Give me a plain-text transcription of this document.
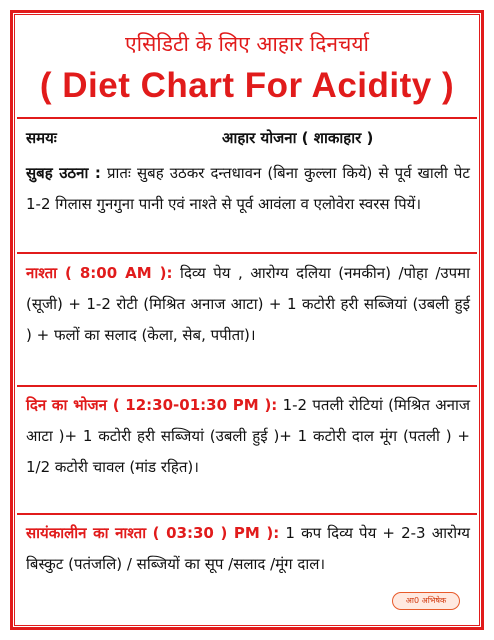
एसिडिटी के लिए आहार दिनचर्या
( Diet Chart For Acidity )
समयः	आहार योजना ( शाकाहार )
सुबह उठना : प्रातः सुबह उठकर दन्तधावन (बिना कुल्ला किये) से पूर्व खाली पेट 1-2 गिलास गुनगुना पानी एवं नाश्ते से पूर्व आवंला व एलोवेरा स्वरस पियें।
नाश्ता ( 8:00 AM ): दिव्य पेय , आरोग्य दलिया (नमकीन) /पोहा /उपमा (सूजी) + 1-2 रोटी (मिश्रित अनाज आटा) + 1 कटोरी हरी सब्जियां (उबली हुई ) + फलों का सलाद (केला, सेब, पपीता)।
दिन का भोजन ( 12:30-01:30 PM ): 1-2 पतली रोटियां (मिश्रित अनाज आटा )+ 1 कटोरी हरी सब्जियां (उबली हुई )+ 1 कटोरी दाल मूंग (पतली ) + 1/2 कटोरी चावल (मांड रहित)।
सायंकालीन का नाश्ता ( 03:30 ) PM ): 1 कप दिव्य पेय + 2-3 आरोग्य बिस्कुट (पतंजलि) / सब्जियों का सूप /सलाद /मूंग दाल।
आ0 अभिषेक
